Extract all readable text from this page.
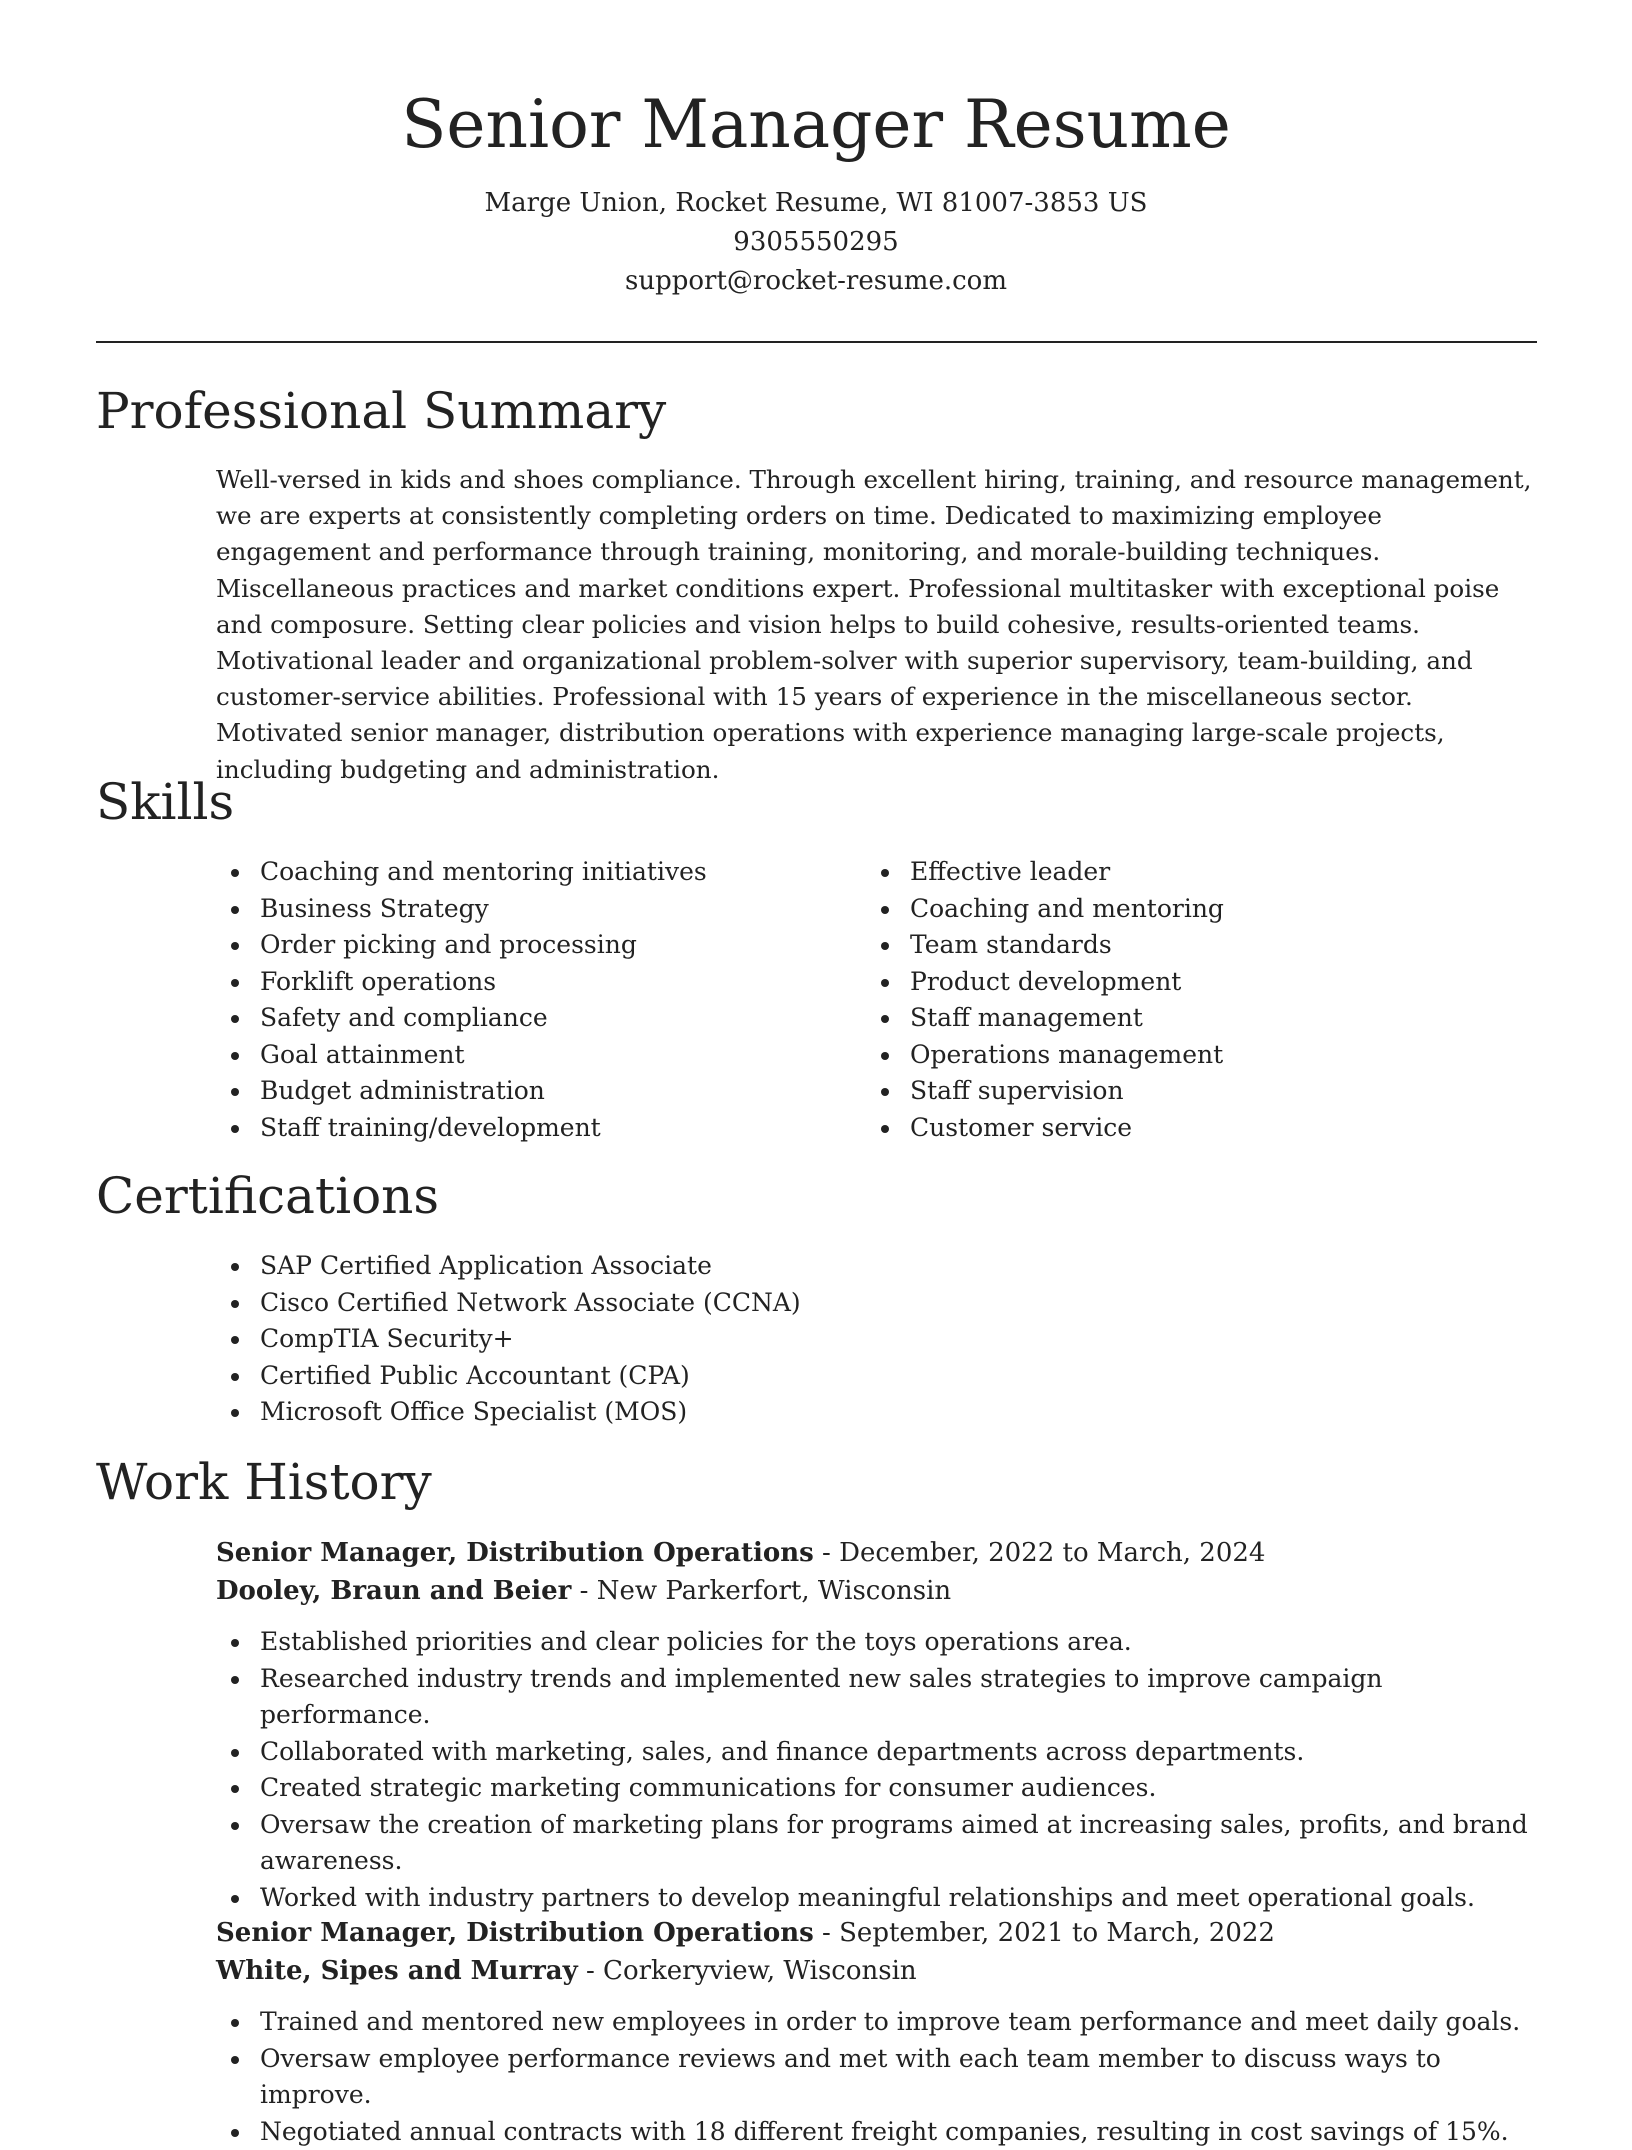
Senior Manager Resume
Marge Union, Rocket Resume, WI 81007-3853 US
9305550295
support@rocket-resume.com
Professional Summary

Well-versed in kids and shoes compliance. Through excellent hiring, training, and resource management, we are experts at consistently completing orders on time. Dedicated to maximizing employee engagement and performance through training, monitoring, and morale-building techniques. Miscellaneous practices and market conditions expert. Professional multitasker with exceptional poise and composure. Setting clear policies and vision helps to build cohesive, results-oriented teams. Motivational leader and organizational problem-solver with superior supervisory, team-building, and customer-service abilities. Professional with 15 years of experience in the miscellaneous sector. Motivated senior manager, distribution operations with experience managing large-scale projects, including budgeting and administration.

Skills
Coaching and mentoring initiatives
Business Strategy
Order picking and processing
Forklift operations
Safety and compliance
Goal attainment
Budget administration
Staff training/development
Effective leader
Coaching and mentoring
Team standards
Product development
Staff management
Operations management
Staff supervision
Customer service
Certifications
SAP Certified Application Associate
Cisco Certified Network Associate (CCNA)
CompTIA Security+
Certified Public Accountant (CPA)
Microsoft Office Specialist (MOS)
Work History
Senior Manager, Distribution Operations - December, 2022 to March, 2024
Dooley, Braun and Beier - New Parkerfort, Wisconsin
Established priorities and clear policies for the toys operations area.
Researched industry trends and implemented new sales strategies to improve campaign performance.
Collaborated with marketing, sales, and finance departments across departments.
Created strategic marketing communications for consumer audiences.
Oversaw the creation of marketing plans for programs aimed at increasing sales, profits, and brand awareness.
Worked with industry partners to develop meaningful relationships and meet operational goals.
Senior Manager, Distribution Operations - September, 2021 to March, 2022
White, Sipes and Murray - Corkeryview, Wisconsin
Trained and mentored new employees in order to improve team performance and meet daily goals.
Oversaw employee performance reviews and met with each team member to discuss ways to improve.
Negotiated annual contracts with 18 different freight companies, resulting in cost savings of 15%.
